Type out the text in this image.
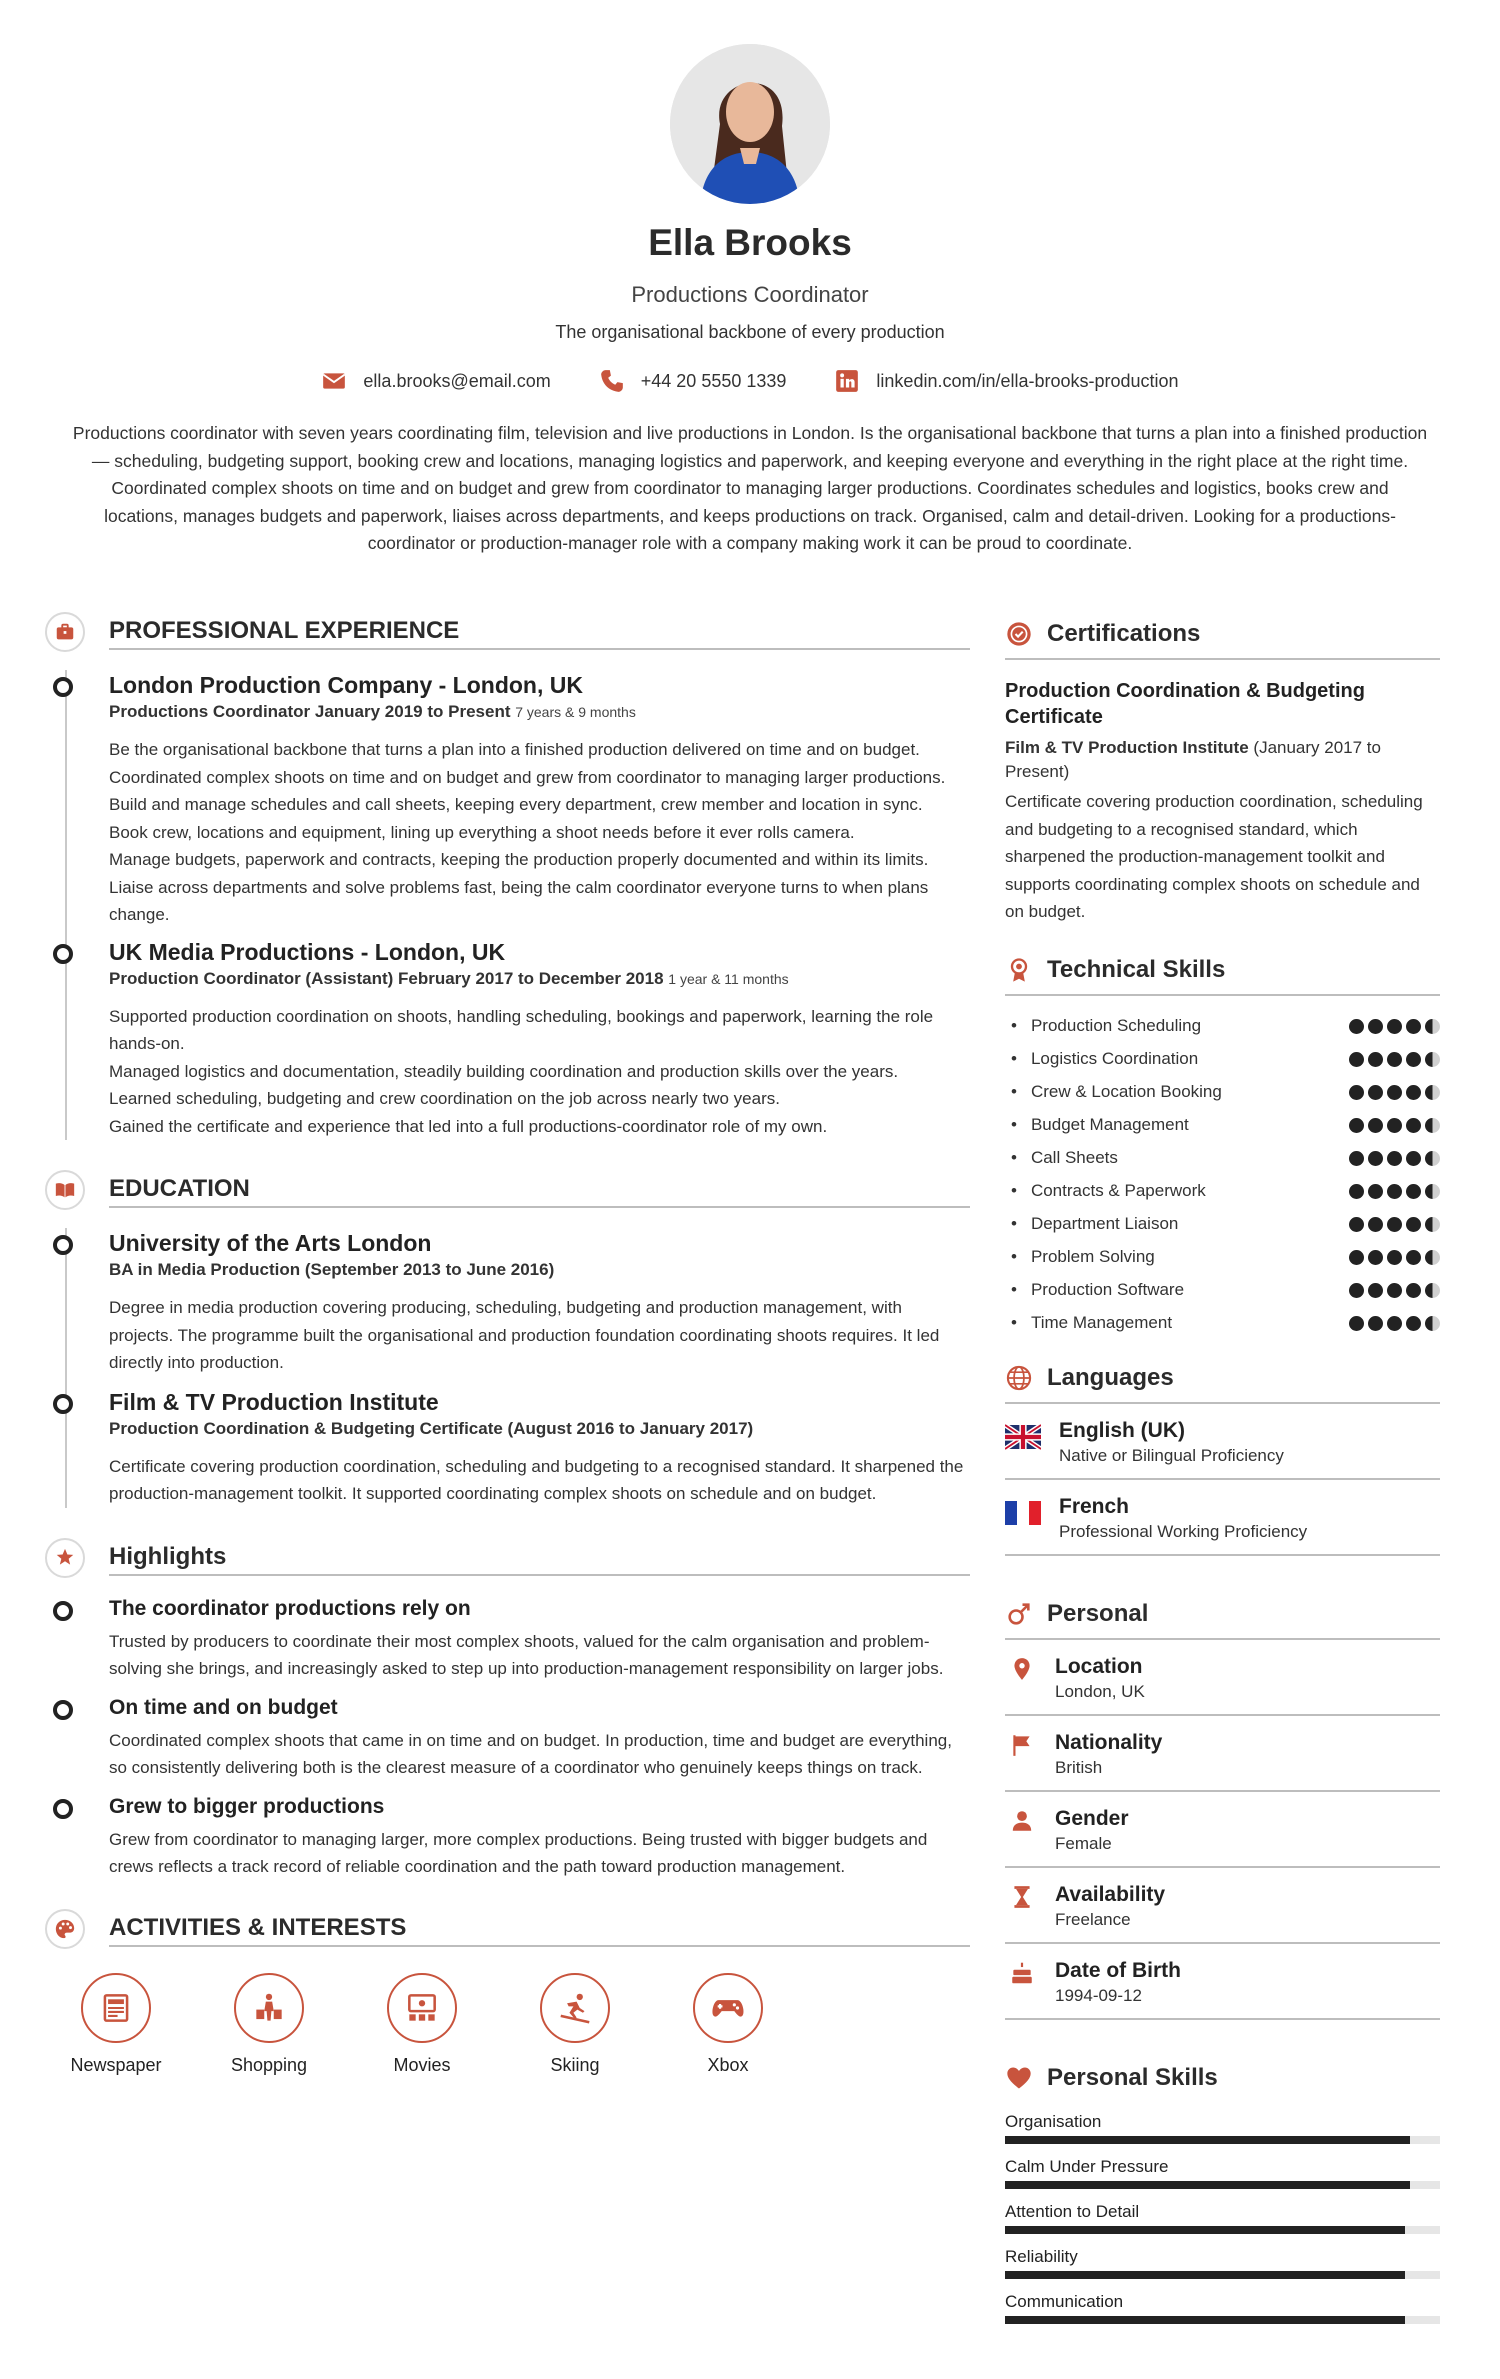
Ella Brooks
Productions Coordinator
The organisational backbone of every production
ella.brooks@email.com	+44 20 5550 1339	linkedin.com/in/ella-brooks-production
Productions coordinator with seven years coordinating film, television and live productions in London. Is the organisational backbone that turns a plan into a finished production — scheduling, budgeting support, booking crew and locations, managing logistics and paperwork, and keeping everyone and everything in the right place at the right time. Coordinated complex shoots on time and on budget and grew from coordinator to managing larger productions. Coordinates schedules and logistics, books crew and locations, manages budgets and paperwork, liaises across departments, and keeps productions on track. Organised, calm and detail-driven. Looking for a productions-coordinator or production-manager role with a company making work it can be proud to coordinate.
PROFESSIONAL EXPERIENCE
London Production Company - London, UK
Productions Coordinator January 2019 to Present 7 years & 9 months
Be the organisational backbone that turns a plan into a finished production delivered on time and on budget.
Coordinated complex shoots on time and on budget and grew from coordinator to managing larger productions.
Build and manage schedules and call sheets, keeping every department, crew member and location in sync.
Book crew, locations and equipment, lining up everything a shoot needs before it ever rolls camera.
Manage budgets, paperwork and contracts, keeping the production properly documented and within its limits.
Liaise across departments and solve problems fast, being the calm coordinator everyone turns to when plans change.
UK Media Productions - London, UK
Production Coordinator (Assistant) February 2017 to December 2018 1 year & 11 months
Supported production coordination on shoots, handling scheduling, bookings and paperwork, learning the role hands-on.
Managed logistics and documentation, steadily building coordination and production skills over the years.
Learned scheduling, budgeting and crew coordination on the job across nearly two years.
Gained the certificate and experience that led into a full productions-coordinator role of my own.
EDUCATION
University of the Arts London
BA in Media Production (September 2013 to June 2016)
Degree in media production covering producing, scheduling, budgeting and production management, with projects. The programme built the organisational and production foundation coordinating shoots requires. It led directly into production.
Film & TV Production Institute
Production Coordination & Budgeting Certificate (August 2016 to January 2017)
Certificate covering production coordination, scheduling and budgeting to a recognised standard. It sharpened the production-management toolkit. It supported coordinating complex shoots on schedule and on budget.
Highlights
The coordinator productions rely on
Trusted by producers to coordinate their most complex shoots, valued for the calm organisation and problem-solving she brings, and increasingly asked to step up into production-management responsibility on larger jobs.
On time and on budget
Coordinated complex shoots that came in on time and on budget. In production, time and budget are everything, so consistently delivering both is the clearest measure of a coordinator who genuinely keeps things on track.
Grew to bigger productions
Grew from coordinator to managing larger, more complex productions. Being trusted with bigger budgets and crews reflects a track record of reliable coordination and the path toward production management.
ACTIVITIES & INTERESTS
Newspaper	Shopping	Movies	Skiing	Xbox
Certifications
Production Coordination & Budgeting Certificate
Film & TV Production Institute (January 2017 to Present)
Certificate covering production coordination, scheduling and budgeting to a recognised standard, which sharpened the production-management toolkit and supports coordinating complex shoots on schedule and on budget.
Technical Skills
• Production Scheduling
• Logistics Coordination
• Crew & Location Booking
• Budget Management
• Call Sheets
• Contracts & Paperwork
• Department Liaison
• Problem Solving
• Production Software
• Time Management
Languages
English (UK)
Native or Bilingual Proficiency
French
Professional Working Proficiency
Personal
Location
London, UK
Nationality
British
Gender
Female
Availability
Freelance
Date of Birth
1994-09-12
Personal Skills
Organisation
Calm Under Pressure
Attention to Detail
Reliability
Communication
